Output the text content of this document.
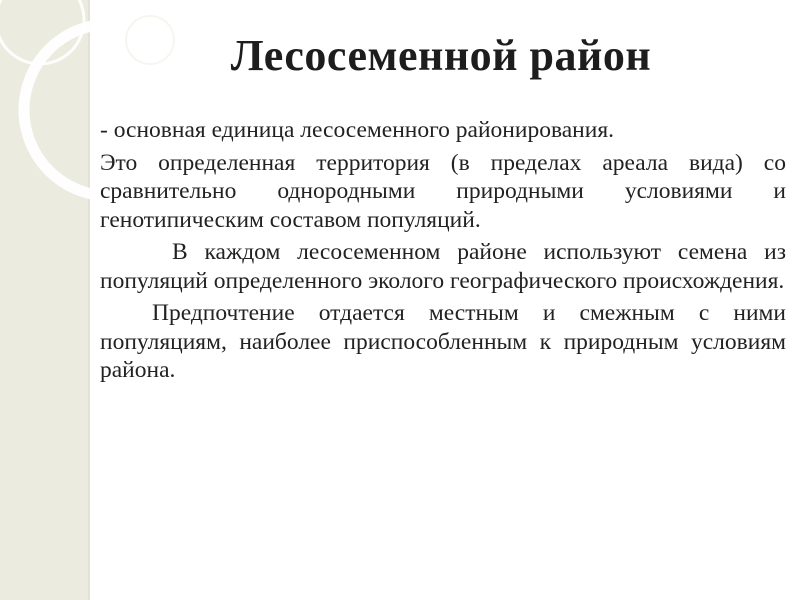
Лесосеменной район

- основная единица лесосеменного районирования.

Это определенная территория (в пределах ареала вида) со сравнительно однородными природными условиями и генотипическим составом популяций.

В каждом лесосеменном районе используют семена из популяций определенного эколого географического происхождения.

Предпочтение отдается местным и смежным с ними популяциям, наиболее приспособленным к природным условиям района.
